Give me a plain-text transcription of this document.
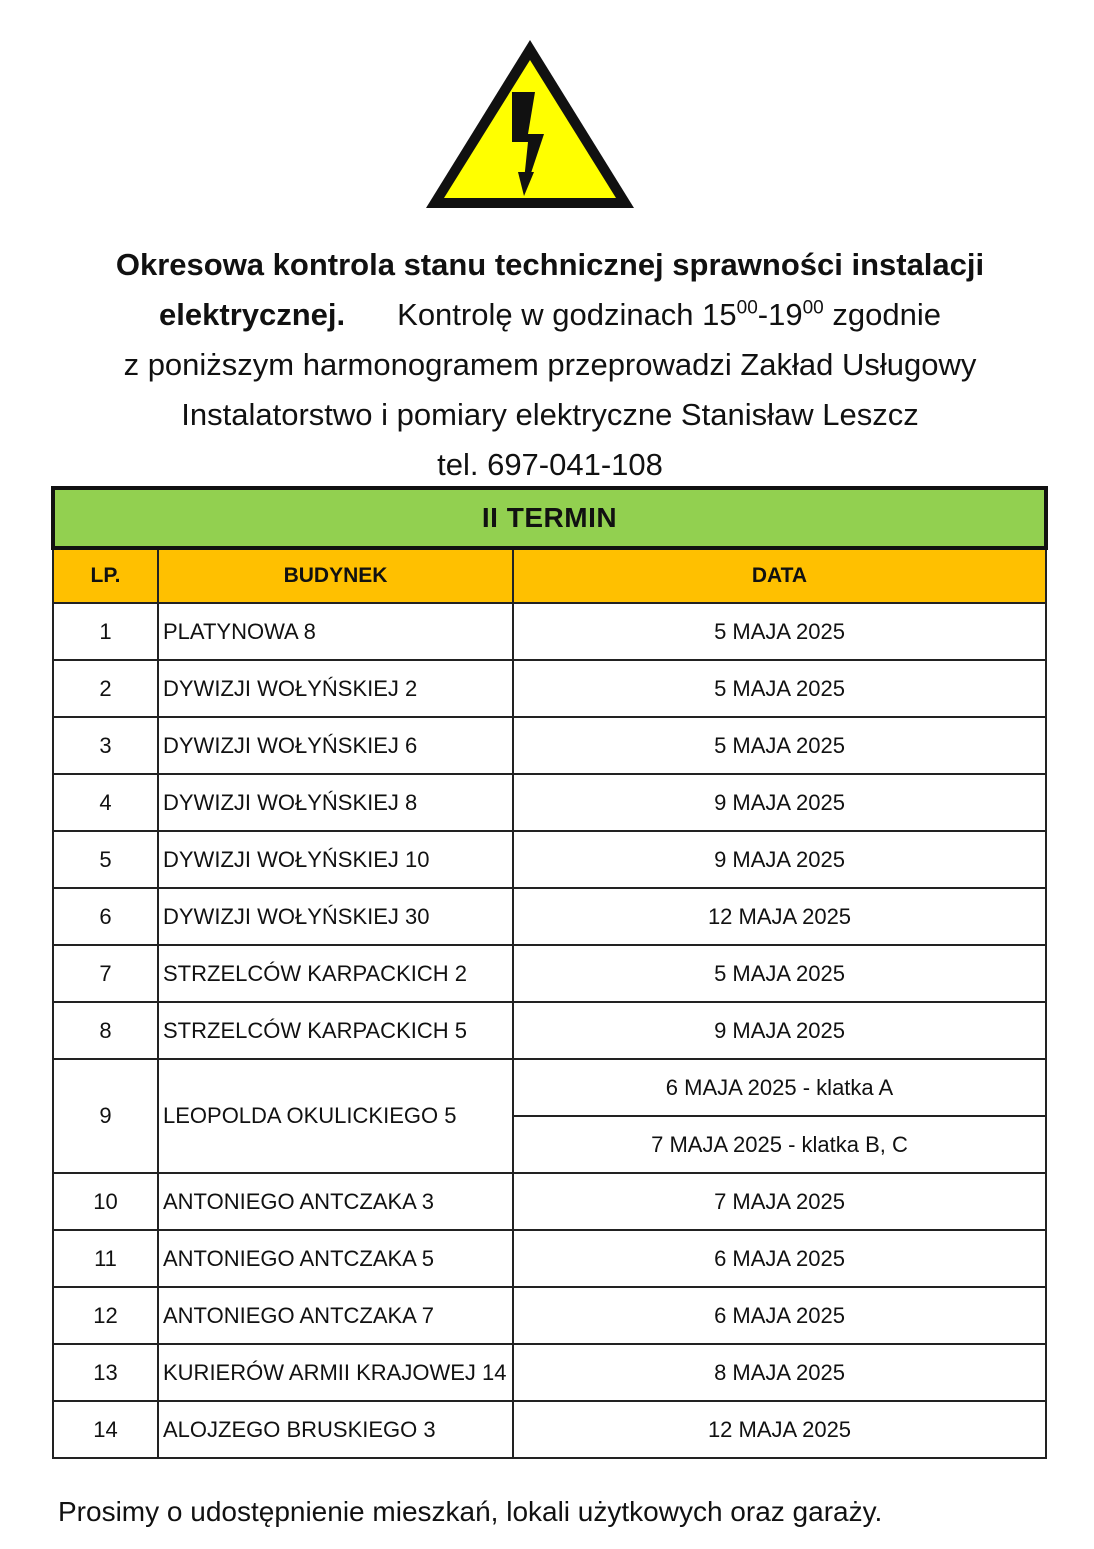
Okresowa kontrola stanu technicznej sprawności instalacji
elektrycznej. Kontrolę w godzinach $15^{00}-19^{00}$ zgodnie
z poniższym harmonogramem przeprowadzi Zakład Usługowy
Instalatorstwo i pomiary elektryczne Stanisław Leszcz
tel. 697-041-108
II TERMIN		
LP.	BUDYNEK	DATA
1	PLATYNOWA 8	5 MAJA 2025
2	DYWIZJI WOŁYŃSKIEJ 2	5 MAJA 2025
3	DYWIZJI WOŁYŃSKIEJ 6	5 MAJA 2025
4	DYWIZJI WOŁYŃSKIEJ 8	9 MAJA 2025
5	DYWIZJI WOŁYŃSKIEJ 10	9 MAJA 2025
6	DYWIZJI WOŁYŃSKIEJ 30	12 MAJA 2025
7	STRZELCÓW KARPACKICH 2	5 MAJA 2025
8	STRZELCÓW KARPACKICH 5	9 MAJA 2025
9	LEOPOLDA OKULICKIEGO 5	6 MAJA 2025 - klatka A
		7 MAJA 2025 - klatka B, C
10	ANTONIEGO ANTCZAKA 3	7 MAJA 2025
11	ANTONIEGO ANTCZAKA 5	6 MAJA 2025
12	ANTONIEGO ANTCZAKA 7	6 MAJA 2025
13	KURIERÓW ARMII KRAJOWEJ 14	8 MAJA 2025
14	ALOJZEGO BRUSKIEGO 3	12 MAJA 2025
Prosimy o udostępnienie mieszkań, lokali użytkowych oraz garaży.
